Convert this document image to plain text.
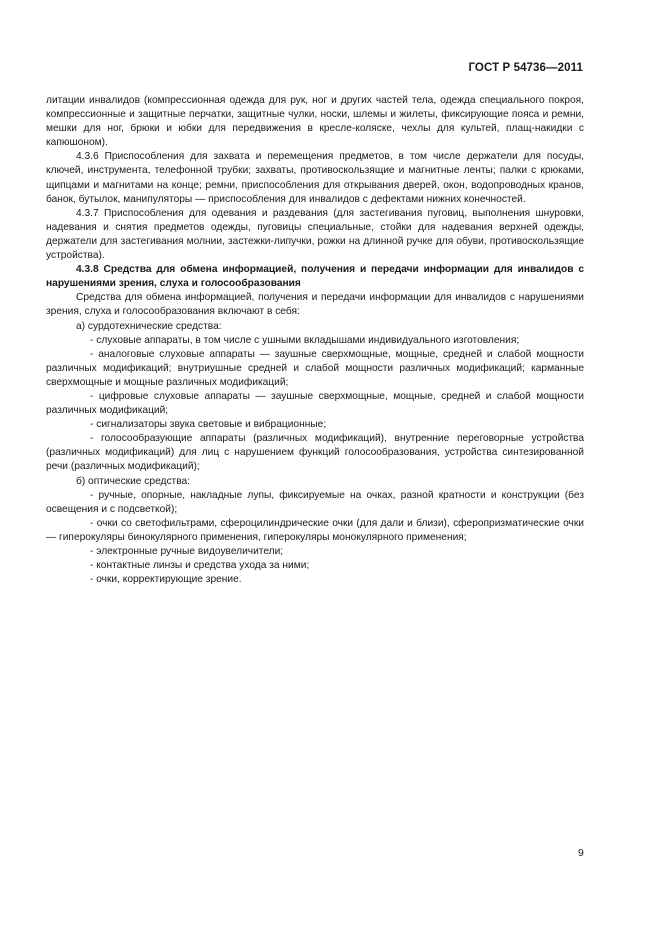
ГОСТ Р 54736—2011

литации инвалидов (компрессионная одежда для рук, ног и других частей тела, одежда специального покроя, компрессионные и защитные перчатки, защитные чулки, носки, шлемы и жилеты, фиксирующие пояса и ремни, мешки для ног, брюки и юбки для передвижения в кресле-коляске, чехлы для культей, плащ-накидки с капюшоном).

4.3.6 Приспособления для захвата и перемещения предметов, в том числе держатели для посуды, ключей, инструмента, телефонной трубки; захваты, противоскользящие и магнитные ленты; палки с крюками, щипцами и магнитами на конце; ремни, приспособления для открывания дверей, окон, водопроводных кранов, банок, бутылок, манипуляторы — приспособления для инвалидов с дефектами нижних конечностей.

4.3.7 Приспособления для одевания и раздевания (для застегивания пуговиц, выполнения шнуровки, надевания и снятия предметов одежды, пуговицы специальные, стойки для надевания верхней одежды, держатели для застегивания молнии, застежки-липучки, рожки на длинной ручке для обуви, противоскользящие устройства).

4.3.8 Средства для обмена информацией, получения и передачи информации для инвалидов с нарушениями зрения, слуха и голосообразования

Средства для обмена информацией, получения и передачи информации для инвалидов с нарушениями зрения, слуха и голосообразования включают в себя:

а) сурдотехнические средства:

- слуховые аппараты, в том числе с ушными вкладышами индивидуального изготовления;

- аналоговые слуховые аппараты — заушные сверхмощные, мощные, средней и слабой мощности различных модификаций; внутриушные средней и слабой мощности различных модификаций; карманные сверхмощные и мощные различных модификаций;

- цифровые слуховые аппараты — заушные сверхмощные, мощные, средней и слабой мощности различных модификаций;

- сигнализаторы звука световые и вибрационные;

- голосообразующие аппараты (различных модификаций), внутренние переговорные устройства (различных модификаций) для лиц с нарушением функций голосообразования, устройства синтезированной речи (различных модификаций);

б) оптические средства:

- ручные, опорные, накладные лупы, фиксируемые на очках, разной кратности и конструкции (без освещения и с подсветкой);

- очки со светофильтрами, сфероцилиндрические очки (для дали и близи), сферопризматические очки — гиперокуляры бинокулярного применения, гиперокуляры монокулярного применения;

- электронные ручные видоувеличители;

- контактные линзы и средства ухода за ними;

- очки, корректирующие зрение.

9
